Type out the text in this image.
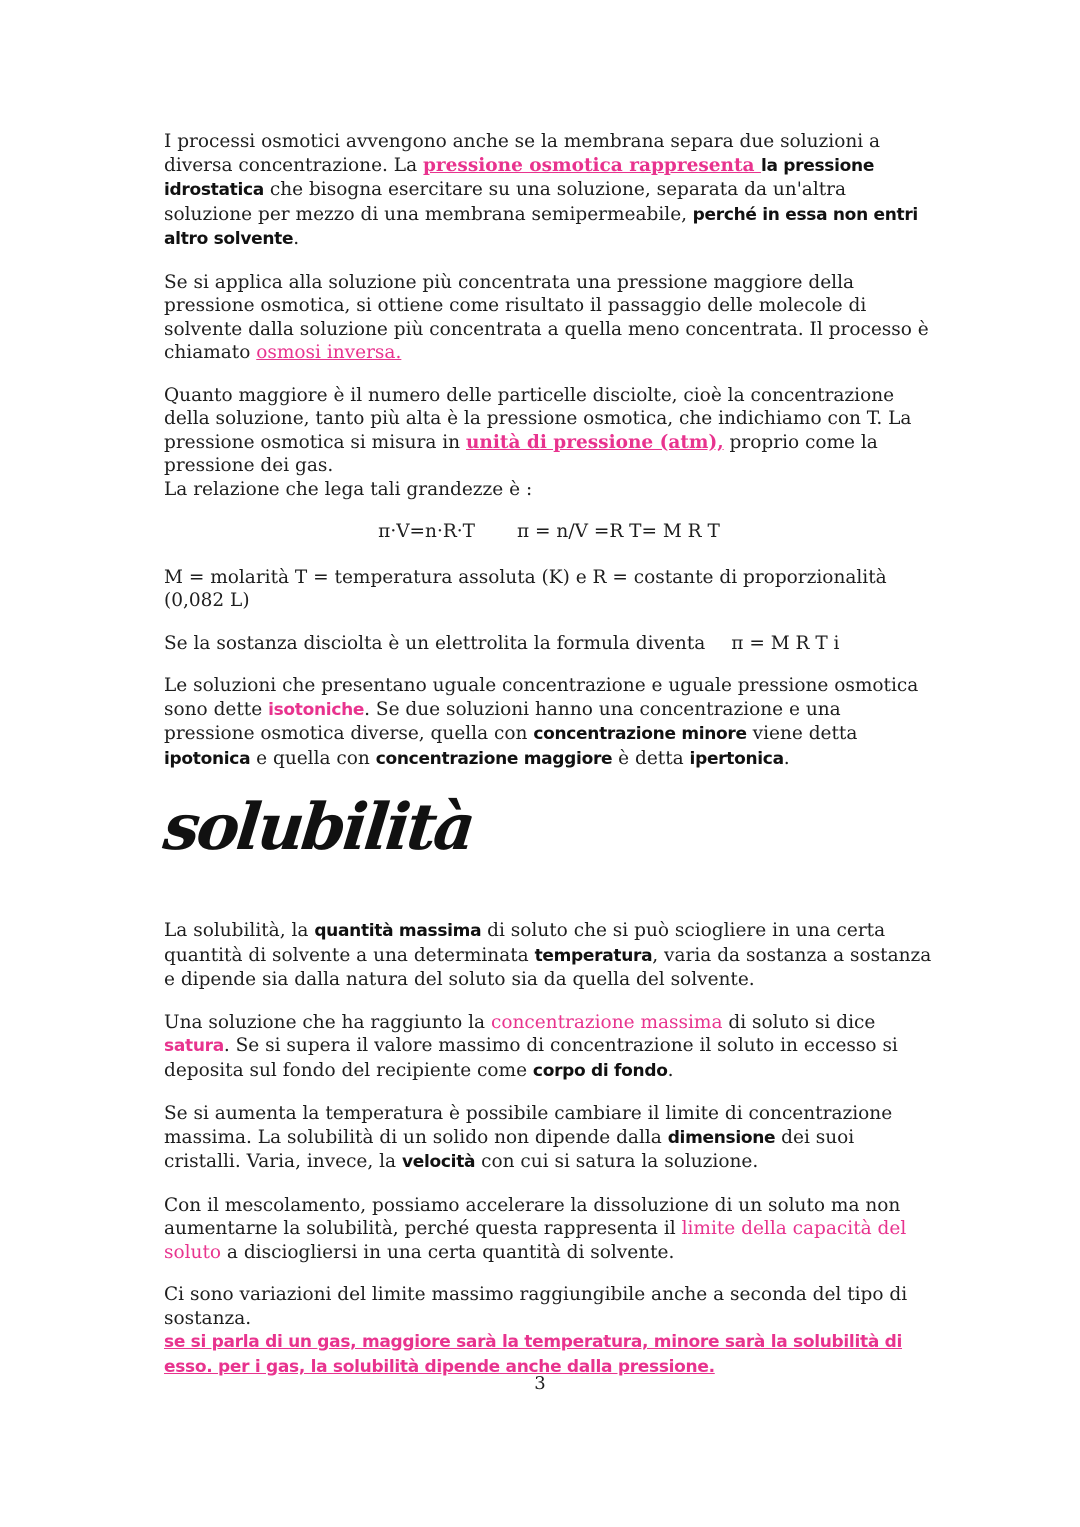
I processi osmotici avvengono anche se la membrana separa due soluzioni a diversa concentrazione. La pressione osmotica rappresenta la pressione idrostatica che bisogna esercitare su una soluzione, separata da un'altra soluzione per mezzo di una membrana semipermeabile, perché in essa non entri altro solvente.

Se si applica alla soluzione più concentrata una pressione maggiore della pressione osmotica, si ottiene come risultato il passaggio delle molecole di solvente dalla soluzione più concentrata a quella meno concentrata. Il processo è chiamato osmosi inversa.

Quanto maggiore è il numero delle particelle disciolte, cioè la concentrazione della soluzione, tanto più alta è la pressione osmotica, che indichiamo con T. La pressione osmotica si misura in unità di pressione (atm), proprio come la pressione dei gas.
La relazione che lega tali grandezze è :

π·V=n·R·T π = n/V =R T= M R T

M = molarità T = temperatura assoluta (K) e R = costante di proporzionalità (0,082 L)

Se la sostanza disciolta è un elettrolita la formula diventa π = M R T i

Le soluzioni che presentano uguale concentrazione e uguale pressione osmotica sono dette isotoniche. Se due soluzioni hanno una concentrazione e una pressione osmotica diverse, quella con concentrazione minore viene detta ipotonica e quella con concentrazione maggiore è detta ipertonica.

solubilità

La solubilità, la quantità massima di soluto che si può sciogliere in una certa quantità di solvente a una determinata temperatura, varia da sostanza a sostanza e dipende sia dalla natura del soluto sia da quella del solvente.

Una soluzione che ha raggiunto la concentrazione massima di soluto si dice satura. Se si supera il valore massimo di concentrazione il soluto in eccesso si deposita sul fondo del recipiente come corpo di fondo.

Se si aumenta la temperatura è possibile cambiare il limite di concentrazione massima. La solubilità di un solido non dipende dalla dimensione dei suoi cristalli. Varia, invece, la velocità con cui si satura la soluzione.

Con il mescolamento, possiamo accelerare la dissoluzione di un soluto ma non aumentarne la solubilità, perché questa rappresenta il limite della capacità del soluto a disciogliersi in una certa quantità di solvente.

Ci sono variazioni del limite massimo raggiungibile anche a seconda del tipo di sostanza.
se si parla di un gas, maggiore sarà la temperatura, minore sarà la solubilità di esso. per i gas, la solubilità dipende anche dalla pressione.

3
